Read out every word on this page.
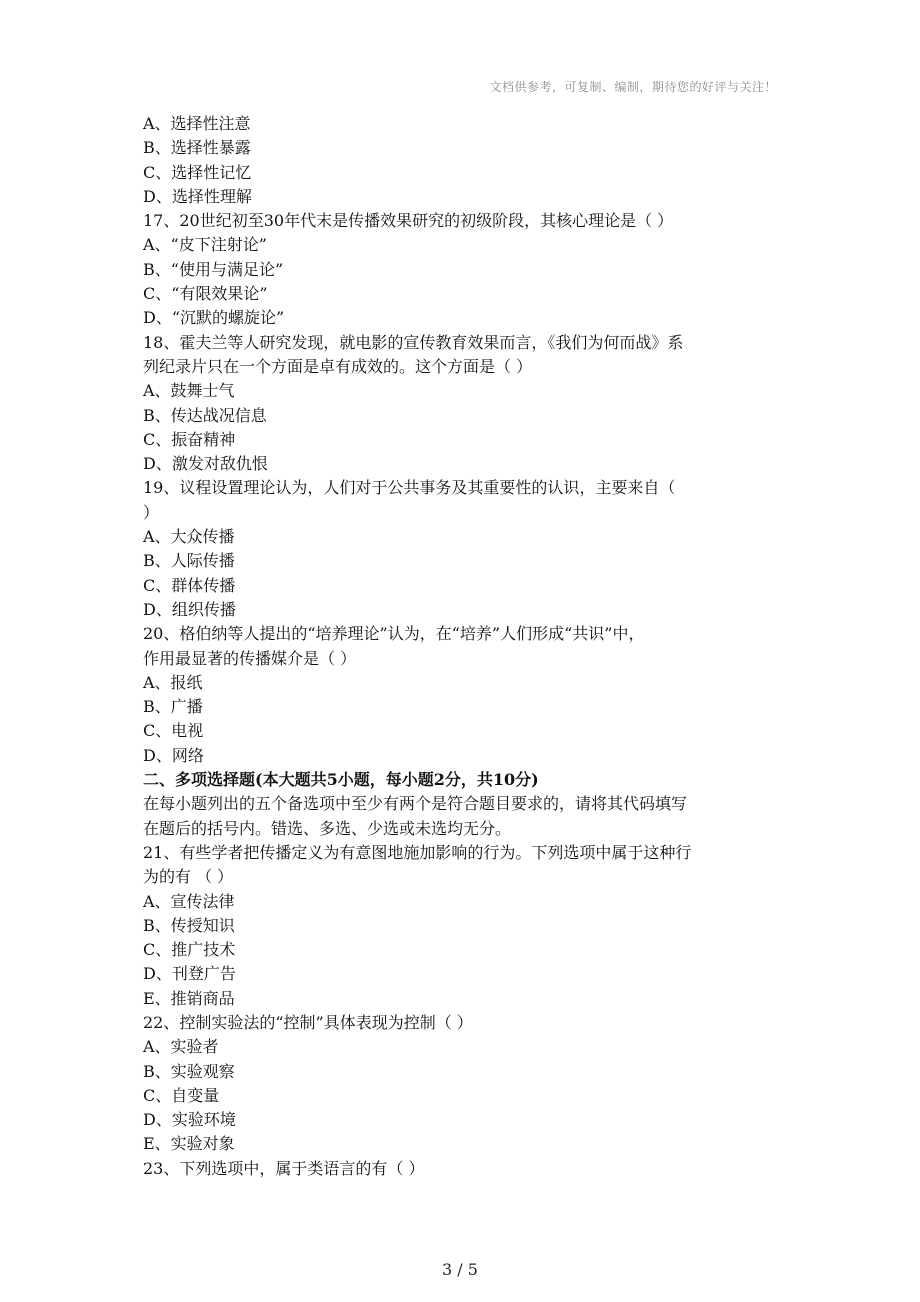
文档供参考，可复制、编制，期待您的好评与关注！
A、选择性注意
B、选择性暴露
C、选择性记忆
D、选择性理解
17、20世纪初至30年代末是传播效果研究的初级阶段，其核心理论是（ ）
A、“皮下注射论”
B、“使用与满足论”
C、“有限效果论”
D、“沉默的螺旋论”
18、霍夫兰等人研究发现，就电影的宣传教育效果而言，《我们为何而战》系
列纪录片只在一个方面是卓有成效的。这个方面是（ ）
A、鼓舞士气
B、传达战况信息
C、振奋精神
D、激发对敌仇恨
19、议程设置理论认为，人们对于公共事务及其重要性的认识，主要来自（
）
A、大众传播
B、人际传播
C、群体传播
D、组织传播
20、格伯纳等人提出的“培养理论”认为，在“培养”人们形成“共识”中，
作用最显著的传播媒介是（ ）
A、报纸
B、广播
C、电视
D、网络
二、多项选择题(本大题共5小题，每小题2分，共10分)
在每小题列出的五个备选项中至少有两个是符合题目要求的，请将其代码填写
在题后的括号内。错选、多选、少选或未选均无分。
21、有些学者把传播定义为有意图地施加影响的行为。下列选项中属于这种行
为的有 （ ）
A、宣传法律
B、传授知识
C、推广技术
D、刊登广告
E、推销商品
22、控制实验法的“控制”具体表现为控制（ ）
A、实验者
B、实验观察
C、自变量
D、实验环境
E、实验对象
23、下列选项中，属于类语言的有（ ）
3 / 5
